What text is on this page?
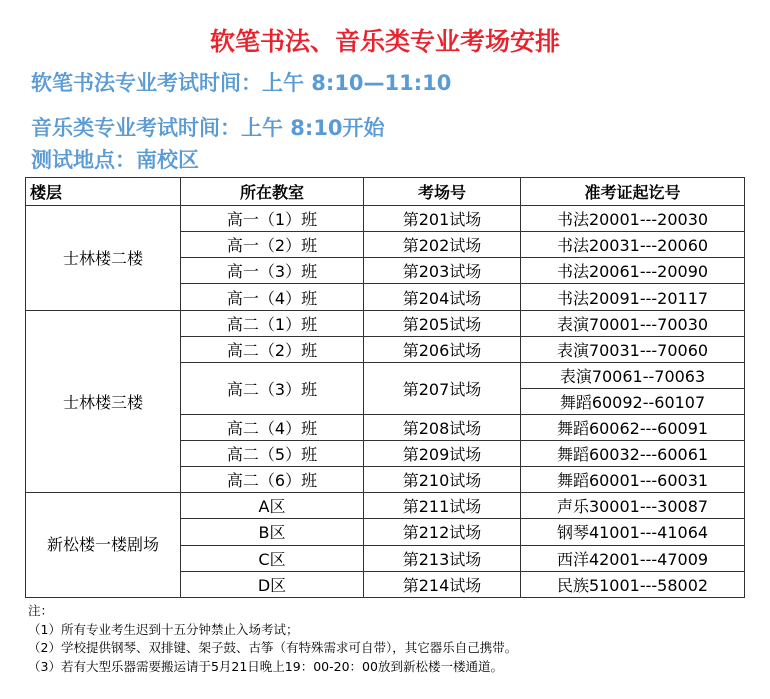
软笔书法、音乐类专业考场安排
软笔书法专业考试时间：上午 8:10—11:10
音乐类专业考试时间：上午 8:10开始
测试地点：南校区
楼层	所在教室	考场号	准考证起讫号
士林楼二楼	高一（1）班	第201试场	书法20001---20030
	高一（2）班	第202试场	书法20031---20060
	高一（3）班	第203试场	书法20061---20090
	高一（4）班	第204试场	书法20091---20117
士林楼三楼	高二（1）班	第205试场	表演70001---70030
	高二（2）班	第206试场	表演70031---70060
	高二（3）班	第207试场	表演70061--70063
			舞蹈60092--60107
	高二（4）班	第208试场	舞蹈60062---60091
	高二（5）班	第209试场	舞蹈60032---60061
	高二（6）班	第210试场	舞蹈60001---60031
新松楼一楼剧场	A区	第211试场	声乐30001---30087
	B区	第212试场	钢琴41001---41064
	C区	第213试场	西洋42001---47009
	D区	第214试场	民族51001---58002
注：
（1）所有专业考生迟到十五分钟禁止入场考试；
（2）学校提供钢琴、双排键、架子鼓、古筝（有特殊需求可自带），其它器乐自己携带。
（3）若有大型乐器需要搬运请于5月21日晚上19：00-20：00放到新松楼一楼通道。
